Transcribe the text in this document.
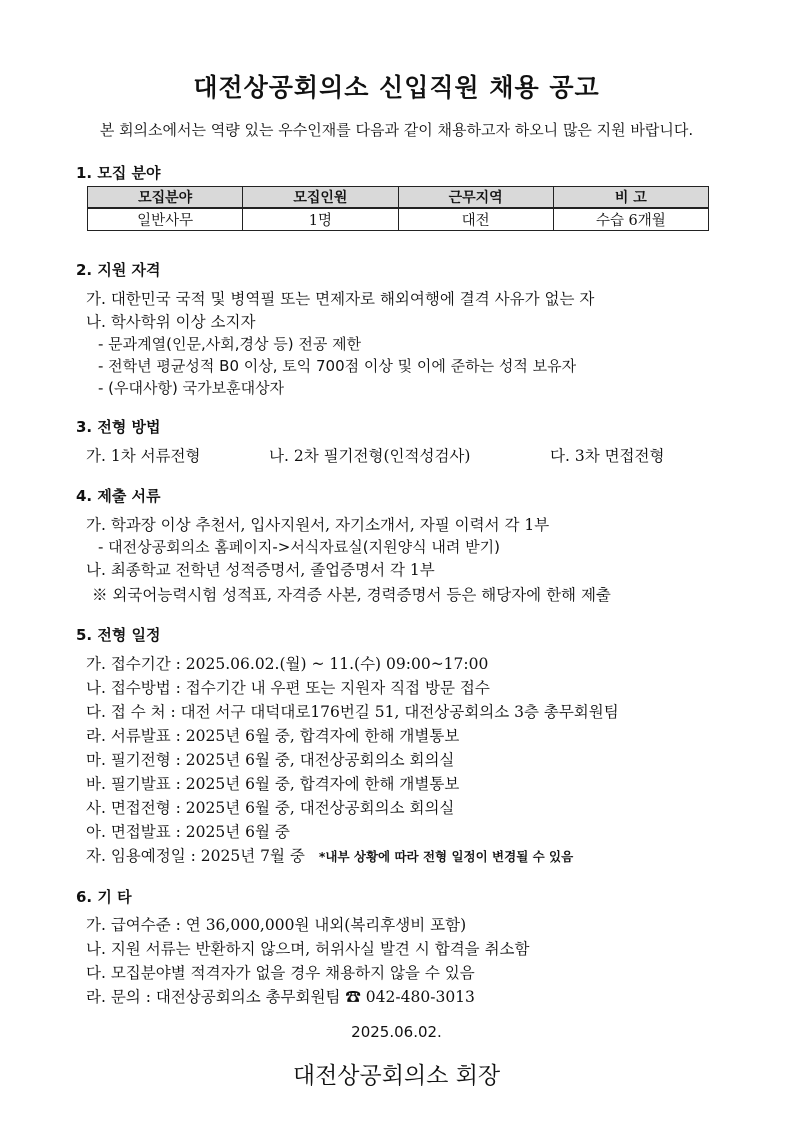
대전상공회의소 신입직원 채용 공고
본 회의소에서는 역량 있는 우수인재를 다음과 같이 채용하고자 하오니 많은 지원 바랍니다.
1. 모집 분야
모집분야	모집인원	근무지역	비 고
일반사무	1명	대전	수습 6개월
2. 지원 자격
가. 대한민국 국적 및 병역필 또는 면제자로 해외여행에 결격 사유가 없는 자
나. 학사학위 이상 소지자
- 문과계열(인문,사회,경상 등) 전공 제한
- 전학년 평균성적 B0 이상, 토익 700점 이상 및 이에 준하는 성적 보유자
- (우대사항) 국가보훈대상자
3. 전형 방법
가. 1차 서류전형	나. 2차 필기전형(인적성검사)	다. 3차 면접전형
4. 제출 서류
가. 학과장 이상 추천서, 입사지원서, 자기소개서, 자필 이력서 각 1부
- 대전상공회의소 홈페이지->서식자료실(지원양식 내려 받기)
나. 최종학교 전학년 성적증명서, 졸업증명서 각 1부
※ 외국어능력시험 성적표, 자격증 사본, 경력증명서 등은 해당자에 한해 제출
5. 전형 일정
가. 접수기간 : 2025.06.02.(월) ~ 11.(수) 09:00~17:00
나. 접수방법 : 접수기간 내 우편 또는 지원자 직접 방문 접수
다. 접 수 처 : 대전 서구 대덕대로176번길 51, 대전상공회의소 3층 총무회원팀
라. 서류발표 : 2025년 6월 중, 합격자에 한해 개별통보
마. 필기전형 : 2025년 6월 중, 대전상공회의소 회의실
바. 필기발표 : 2025년 6월 중, 합격자에 한해 개별통보
사. 면접전형 : 2025년 6월 중, 대전상공회의소 회의실
아. 면접발표 : 2025년 6월 중
자. 임용예정일 : 2025년 7월 중 *내부 상황에 따라 전형 일정이 변경될 수 있음
6. 기 타
가. 급여수준 : 연 36,000,000원 내외(복리후생비 포함)
나. 지원 서류는 반환하지 않으며, 허위사실 발견 시 합격을 취소함
다. 모집분야별 적격자가 없을 경우 채용하지 않을 수 있음
라. 문의 : 대전상공회의소 총무회원팀 ☎ 042-480-3013
2025.06.02.
대전상공회의소 회장
